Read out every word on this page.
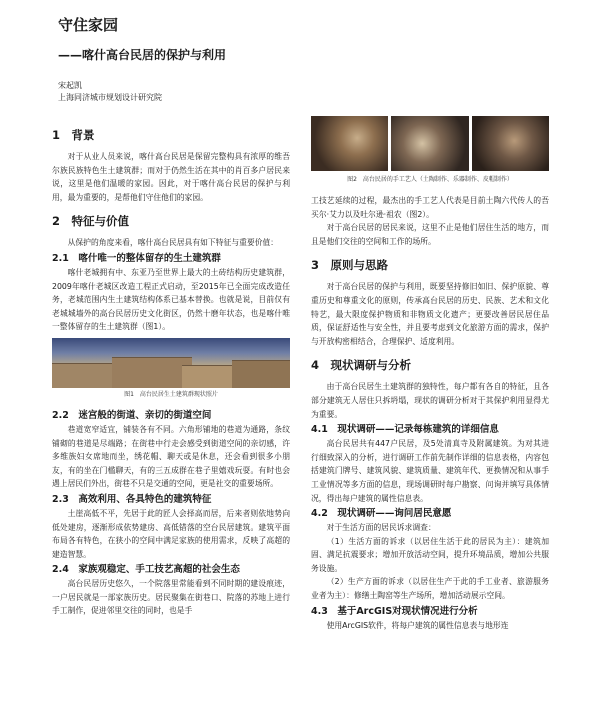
守住家园
——喀什高台民居的保护与利用
宋起凯
上海同济城市规划设计研究院
1　背景

对于从业人员来说，喀什高台民居是保留完整构具有浓厚的维吾尔族民族特色生土建筑群；而对于仍然生活在其中的肖百多户居民来说，这里是他们温暖的家园。因此，对于喀什高台民居的保护与利用，最为重要的，是帮他们守住他们的家园。

2　特征与价值

从保护的角度来看，喀什高台民居具有如下特征与重要价值：

2.1　喀什唯一的整体留存的生土建筑群

喀什老城拥有中、东亚乃至世界上最大的土砖结构历史建筑群，2009年喀什老城区改造工程正式启动，至2015年已全面完成改造任务，老城范围内生土建筑结构体系已基本替换。也就是说，目前仅有老城城墙外的高台民居历史文化街区，仍然十磨年状态，也是喀什唯一整体留存的生土建筑群（图1）。

图1　高台民居生土建筑群现状照片
2.2　迷宫般的街道、亲切的街道空间

巷道宽窄适宜，铺装各有不同。六角形铺地的巷道为通路，条纹铺砌的巷道是尽端路；在街巷中行走会感受到街道空间的亲切感，许多维族妇女席地而坐，绣花帽、聊天或是休息，还会看到很多小朋友，有的坐在门槛聊天，有的三五成群在巷子里嬉戏玩耍。有时也会遇上居民们外出，街巷不只是交通的空间，更是社交的重要场所。

2.3　高效利用、各具特色的建筑特征

土崖高低不平，先居于此的匠人会择高而居，后来者则依地势向低处建房，逐渐形成依势建房、高低错落的空台民居建筑。建筑平面布局各有特色，在狭小的空间中满足家族的使用需求，反映了高超的建造智慧。

2.4　家族观稳定、手工技艺高超的社会生态

高台民居历史悠久，一个院落里常能看到不同时期的建设痕迹，一户居民就是一部家族历史。居民聚集在街巷口、院落的苏地上进行手工制作，促进邻里交往的同时，也是手

图2　高台民居的手工艺人（土陶制作、乐器制作、皮帽制作）

工技艺延续的过程，最杰出的手工艺人代表是目前土陶六代传人的吾买尔·艾力以及吐尔逊·祖农（图2）。

对于高台民居的居民来说，这里不止是他们居住生活的地方，而且是他们交往的空间和工作的场所。

3　原则与思路

对于高台民居的保护与利用，既要坚持修旧如旧、保护原貌、尊重历史和尊重文化的原则，传承高台民居的历史、民族、艺术和文化特艺，最大限度保护物质和非物质文化遗产；更要改善居民居住品质，保证舒适性与安全性，并且要考虑到文化旅游方面的需求，保护与开放构密相结合，合理保护、适度利用。

4　现状调研与分析

由于高台民居生土建筑群的独特性，每户都有各自的特征，且各部分建筑无人居住只拆坍塌，现状的调研分析对于其保护利用显得尤为重要。

4.1　现状调研——记录每栋建筑的详细信息

高台民居共有447户民居，及5处清真寺及附属建筑。为对其进行细致深入的分析，进行调研工作前先制作详细的信息表格，内容包括建筑门牌号、建筑风貌、建筑质量、建筑年代、更换情况和从事手工业情况等多方面的信息，现场调研时每户勘察、问询并填写具体情况，得出每户建筑的属性信息表。

4.2　现状调研——询问居民意愿

对于生活方面的居民诉求调查：

（1）生活方面的诉求（以居住生活于此的居民为主）：建筑加固、满足抗震要求；增加开放活动空间，提升环境品质，增加公共服务设施。

（2）生产方面的诉求（以居住生产于此的手工业者、旅游服务业者为主）：修缮土陶窑等生产场所，增加活动展示空间。

4.3　基于ArcGIS对现状情况进行分析

使用ArcGIS软件，将每户建筑的属性信息表与地形连
